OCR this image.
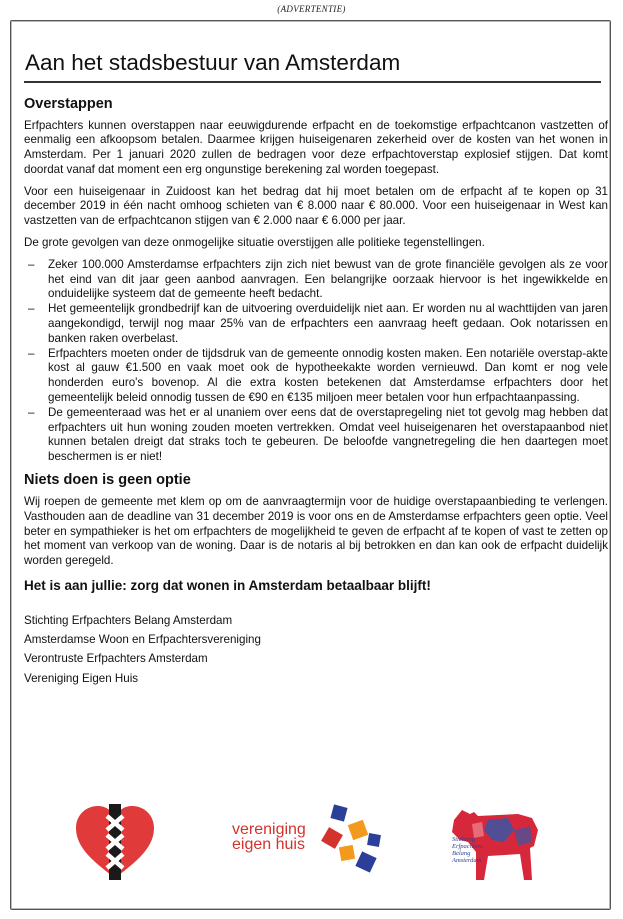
(ADVERTENTIE)
Aan het stadsbestuur van Amsterdam
Overstappen

Erfpachters kunnen overstappen naar eeuwigdurende erfpacht en de toekomstige erfpachtcanon vastzetten of eenmalig een afkoopsom betalen. Daarmee krijgen huiseigenaren zekerheid over de kosten van het wonen in Amsterdam. Per 1 januari 2020 zullen de bedragen voor deze erfpachtoverstap explosief stijgen. Dat komt doordat vanaf dat moment een erg ongunstige berekening zal worden toegepast.

Voor een huiseigenaar in Zuidoost kan het bedrag dat hij moet betalen om de erfpacht af te kopen op 31 december 2019 in één nacht omhoog schieten van € 8.000 naar € 80.000. Voor een huiseigenaar in West kan vastzetten van de erfpachtcanon stijgen van € 2.000 naar € 6.000 per jaar.

De grote gevolgen van deze onmogelijke situatie overstijgen alle politieke tegenstellingen.

– Zeker 100.000 Amsterdamse erfpachters zijn zich niet bewust van de grote financiële gevolgen als ze voor het eind van dit jaar geen aanbod aanvragen. Een belangrijke oorzaak hiervoor is het ingewikkelde en onduidelijke systeem dat de gemeente heeft bedacht.
– Het gemeentelijk grondbedrijf kan de uitvoering overduidelijk niet aan. Er worden nu al wachttijden van jaren aangekondigd, terwijl nog maar 25% van de erfpachters een aanvraag heeft gedaan. Ook notarissen en banken raken overbelast.
– Erfpachters moeten onder de tijdsdruk van de gemeente onnodig kosten maken. Een notariële overstap-akte kost al gauw €1.500 en vaak moet ook de hypotheekakte worden vernieuwd. Dan komt er nog vele honderden euro's bovenop. Al die extra kosten betekenen dat Amsterdamse erfpachters door het gemeentelijk beleid onnodig tussen de €90 en €135 miljoen meer betalen voor hun erfpachtaanpassing.
– De gemeenteraad was het er al unaniem over eens dat de overstapregeling niet tot gevolg mag hebben dat erfpachters uit hun woning zouden moeten vertrekken. Omdat veel huiseigenaren het overstapaanbod niet kunnen betalen dreigt dat straks toch te gebeuren. De beloofde vangnetregeling die hen daartegen moet beschermen is er niet!
Niets doen is geen optie

Wij roepen de gemeente met klem op om de aanvraagtermijn voor de huidige overstapaanbieding te verlengen. Vasthouden aan de deadline van 31 december 2019 is voor ons en de Amsterdamse erfpachters geen optie. Veel beter en sympathieker is het om erfpachters de mogelijkheid te geven de erfpacht af te kopen of vast te zetten op het moment van verkoop van de woning. Daar is de notaris al bij betrokken en dan kan ook de erfpacht duidelijk worden geregeld.

Het is aan jullie: zorg dat wonen in Amsterdam betaalbaar blijft!
Stichting Erfpachters Belang Amsterdam
Amsterdamse Woon en Erfpachtersvereniging
Verontruste Erfpachters Amsterdam
Vereniging Eigen Huis
vereniging
eigen huis	Stichting
Erfpachters
Belang
Amsterdam
